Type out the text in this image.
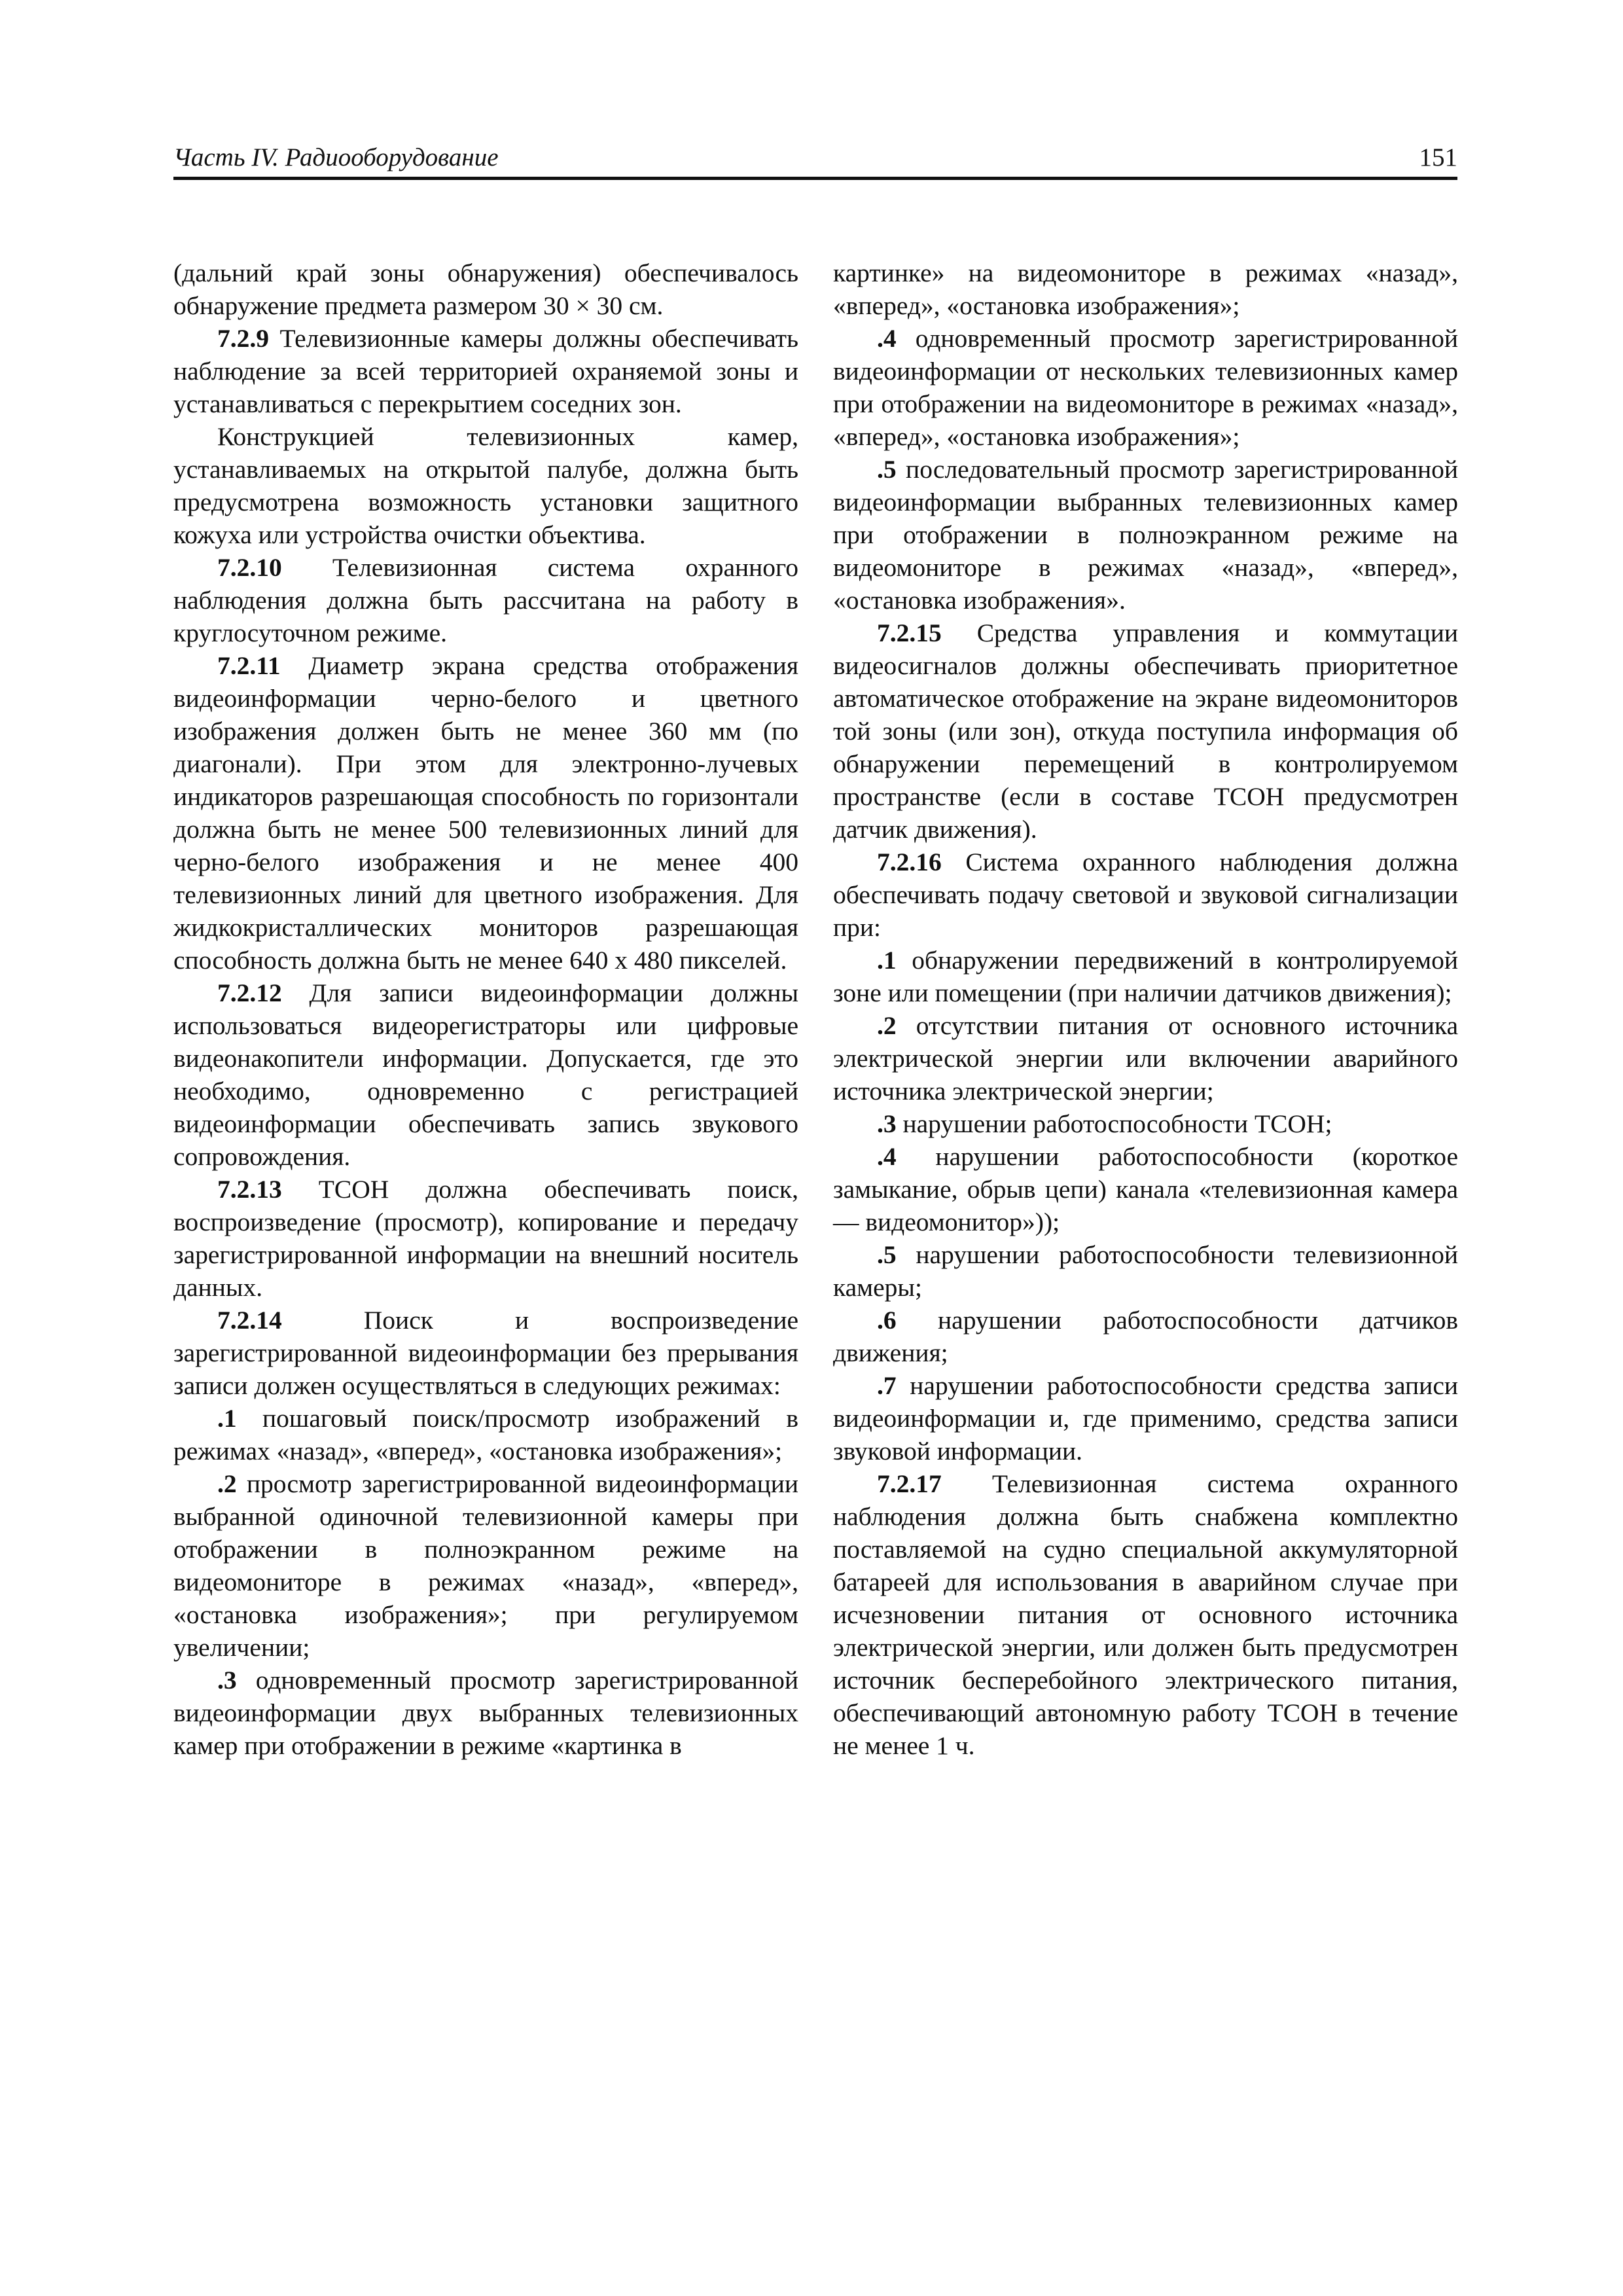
Часть IV. Радиооборудование	151

(дальний край зоны обнаружения) обеспечивалось обнаружение предмета размером 30 × 30 см.

7.2.9 Телевизионные камеры должны обеспечивать наблюдение за всей территорией охраняемой зоны и устанавливаться с перекрытием соседних зон.

Конструкцией телевизионных камер, устанавливаемых на открытой палубе, должна быть предусмотрена возможность установки защитного кожуха или устройства очистки объектива.

7.2.10 Телевизионная система охранного наблюдения должна быть рассчитана на работу в круглосуточном режиме.

7.2.11 Диаметр экрана средства отображения видеоинформации черно-белого и цветного изображения должен быть не менее 360 мм (по диагонали). При этом для электронно-лучевых индикаторов разрешающая способность по горизонтали должна быть не менее 500 телевизионных линий для черно-белого изображения и не менее 400 телевизионных линий для цветного изображения. Для жидкокристаллических мониторов разрешающая способность должна быть не менее 640 x 480 пикселей.

7.2.12 Для записи видеоинформации должны использоваться видеорегистраторы или цифровые видеонакопители информации. Допускается, где это необходимо, одновременно с регистрацией видеоинформации обеспечивать запись звукового сопровождения.

7.2.13 ТСОН должна обеспечивать поиск, воспроизведение (просмотр), копирование и передачу зарегистрированной информации на внешний носитель данных.

7.2.14 Поиск и воспроизведение зарегистрированной видеоинформации без прерывания записи должен осуществляться в следующих режимах:

.1 пошаговый поиск/просмотр изображений в режимах «назад», «вперед», «остановка изображения»;

.2 просмотр зарегистрированной видеоинформации выбранной одиночной телевизионной камеры при отображении в полноэкранном режиме на видеомониторе в режимах «назад», «вперед», «остановка изображения»; при регулируемом увеличении;

.3 одновременный просмотр зарегистрированной видеоинформации двух выбранных телевизионных камер при отображении в режиме «картинка в

картинке» на видеомониторе в режимах «назад», «вперед», «остановка изображения»;

.4 одновременный просмотр зарегистрированной видеоинформации от нескольких телевизионных камер при отображении на видеомониторе в режимах «назад», «вперед», «остановка изображения»;

.5 последовательный просмотр зарегистрированной видеоинформации выбранных телевизионных камер при отображении в полноэкранном режиме на видеомониторе в режимах «назад», «вперед», «остановка изображения».

7.2.15 Средства управления и коммутации видеосигналов должны обеспечивать приоритетное автоматическое отображение на экране видеомониторов той зоны (или зон), откуда поступила информация об обнаружении перемещений в контролируемом пространстве (если в составе ТСОН предусмотрен датчик движения).

7.2.16 Система охранного наблюдения должна обеспечивать подачу световой и звуковой сигнализации при:

.1 обнаружении передвижений в контролируемой зоне или помещении (при наличии датчиков движения);

.2 отсутствии питания от основного источника электрической энергии или включении аварийного источника электрической энергии;

.3 нарушении работоспособности ТСОН;

.4 нарушении работоспособности (короткое замыкание, обрыв цепи) канала «телевизионная камера — видеомонитор»));

.5 нарушении работоспособности телевизионной камеры;

.6 нарушении работоспособности датчиков движения;

.7 нарушении работоспособности средства записи видеоинформации и, где применимо, средства записи звуковой информации.

7.2.17 Телевизионная система охранного наблюдения должна быть снабжена комплектно поставляемой на судно специальной аккумуляторной батареей для использования в аварийном случае при исчезновении питания от основного источника электрической энергии, или должен быть предусмотрен источник бесперебойного электрического питания, обеспечивающий автономную работу ТСОН в течение не менее 1 ч.
